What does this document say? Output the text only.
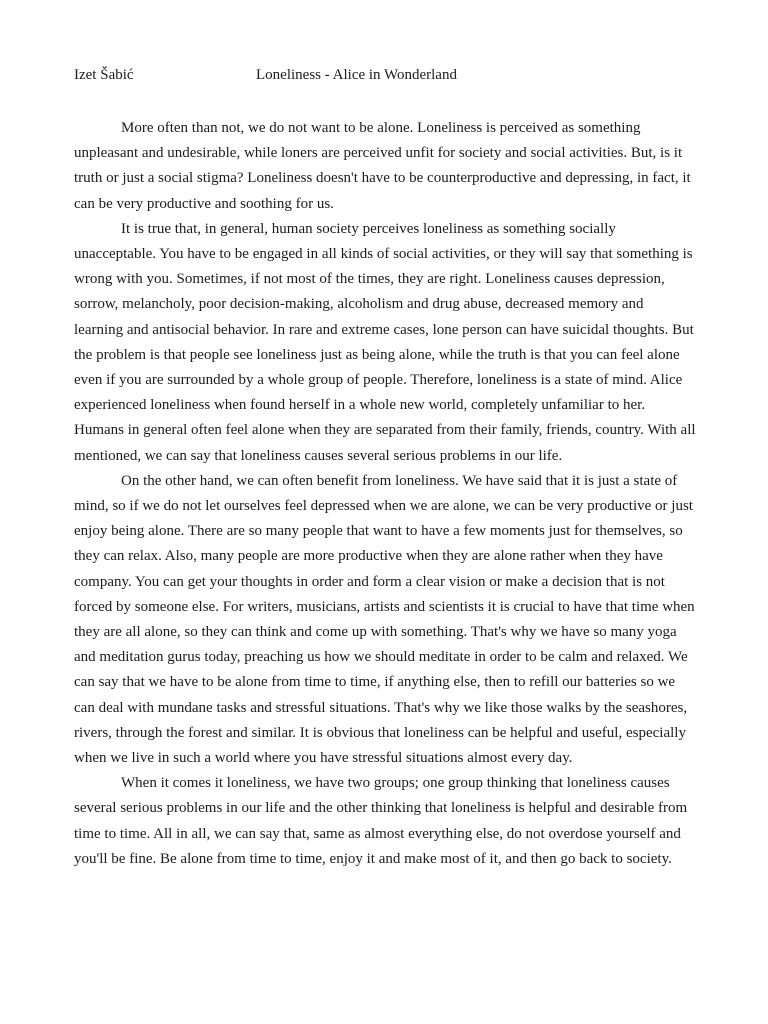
Izet Šabić	Loneliness - Alice in Wonderland

More often than not, we do not want to be alone. Loneliness is perceived as something unpleasant and undesirable, while loners are perceived unfit for society and social activities. But, is it truth or just a social stigma? Loneliness doesn't have to be counterproductive and depressing, in fact, it can be very productive and soothing for us.

It is true that, in general, human society perceives loneliness as something socially unacceptable. You have to be engaged in all kinds of social activities, or they will say that something is wrong with you. Sometimes, if not most of the times, they are right. Loneliness causes depression, sorrow, melancholy, poor decision-making, alcoholism and drug abuse, decreased memory and learning and antisocial behavior. In rare and extreme cases, lone person can have suicidal thoughts. But the problem is that people see loneliness just as being alone, while the truth is that you can feel alone even if you are surrounded by a whole group of people. Therefore, loneliness is a state of mind. Alice experienced loneliness when found herself in a whole new world, completely unfamiliar to her. Humans in general often feel alone when they are separated from their family, friends, country. With all mentioned, we can say that loneliness causes several serious problems in our life.

On the other hand, we can often benefit from loneliness. We have said that it is just a state of mind, so if we do not let ourselves feel depressed when we are alone, we can be very productive or just enjoy being alone. There are so many people that want to have a few moments just for themselves, so they can relax. Also, many people are more productive when they are alone rather when they have company. You can get your thoughts in order and form a clear vision or make a decision that is not forced by someone else. For writers, musicians, artists and scientists it is crucial to have that time when they are all alone, so they can think and come up with something. That's why we have so many yoga and meditation gurus today, preaching us how we should meditate in order to be calm and relaxed. We can say that we have to be alone from time to time, if anything else, then to refill our batteries so we can deal with mundane tasks and stressful situations. That's why we like those walks by the seashores, rivers, through the forest and similar. It is obvious that loneliness can be helpful and useful, especially when we live in such a world where you have stressful situations almost every day.

When it comes it loneliness, we have two groups; one group thinking that loneliness causes several serious problems in our life and the other thinking that loneliness is helpful and desirable from time to time. All in all, we can say that, same as almost everything else, do not overdose yourself and you'll be fine. Be alone from time to time, enjoy it and make most of it, and then go back to society.
